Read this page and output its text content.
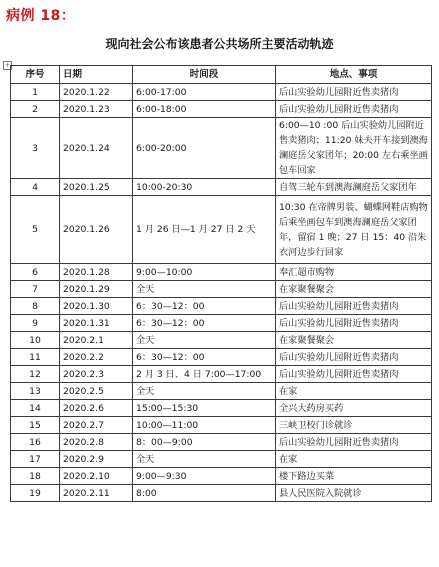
病例 18：
现向社会公布该患者公共场所主要活动轨迹
+
序号	日期	时间段	地点、事项
1	2020.1.22	6:00-17:00	后山实验幼儿园附近售卖猪肉
2	2020.1.23	6:00-18:00	后山实验幼儿园附近售卖猪肉
3	2020.1.24	6:00-20:00	6:00—10 :00 后山实验幼儿园附近售卖猪肉；11:20 妹夫开车接到澳海澜庭岳父家团年；20:00 左右乘坐画包车回家
4	2020.1.25	10:00-20:30	自驾三轮车到澳海澜庭岳父家团年
5	2020.1.26	1 月 26 日—1 月 27 日 2 天	10:30 在帝牌男装、蝴蝶网鞋店购物后乘坐画包车到澳海澜庭岳父家团年，留宿 1 晚；27 日 15：40 沿朱衣河边步行回家
6	2020.1.28	9:00—10:00	奉汇超市购物
7	2020.1.29	全天	在家聚餐聚会
8	2020.1.30	6：30—12：00	后山实验幼儿园附近售卖猪肉
9	2020.1.31	6：30—12：00	后山实验幼儿园附近售卖猪肉
10	2020.2.1	全天	在家聚餐聚会
11	2020.2.2	6：30—12：00	后山实验幼儿园附近售卖猪肉
12	2020.2.3	2 月 3 日、4 日 7:00—17:00	后山实验幼儿园附近售卖猪肉
13	2020.2.5	全天	在家
14	2020.2.6	15:00—15:30	全兴大药房买药
15	2020.2.7	10:00—11:00	三峡卫校门诊就诊
16	2020.2.8	8：00—9:00	后山实验幼儿园附近售卖猪肉
17	2020.2.9	全天	在家
18	2020.2.10	9:00—9:30	楼下路边买菜
19	2020.2.11	8:00	县人民医院入院就诊
